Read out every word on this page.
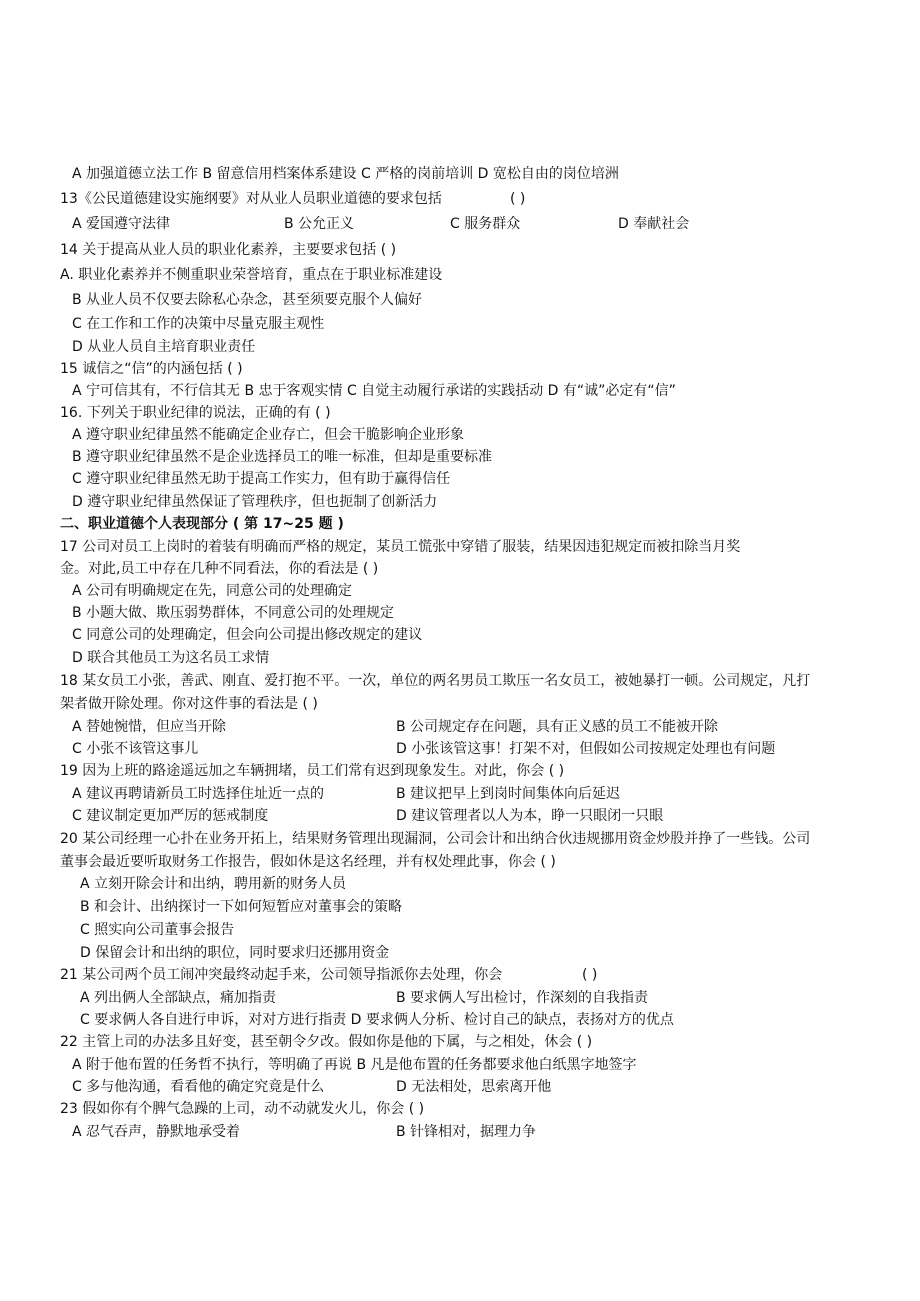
A 加强道德立法工作 B 留意信用档案体系建设 C 严格的岗前培训 D 宽松自由的岗位培洲
13《公民道德建设实施纲要》对从业人员职业道德的要求包括	( )
A 爱国遵守法律	B 公允正义	C 服务群众	D 奉献社会
14 关于提高从业人员的职业化素养，主要要求包括 ( )
A. 职业化素养并不侧重职业荣誉培育，重点在于职业标准建设
B 从业人员不仅要去除私心杂念，甚至须要克服个人偏好
C 在工作和工作的决策中尽量克服主观性
D 从业人员自主培育职业责任
15 诚信之“信”的内涵包括 ( )
A 宁可信其有，不行信其无 B 忠于客观实情 C 自觉主动履行承诺的实践括动 D 有“诚”必定有“信”
16. 下列关于职业纪律的说法，正确的有 ( )
A 遵守职业纪律虽然不能确定企业存亡，但会干脆影响企业形象
B 遵守职业纪律虽然不是企业选择员工的唯一标准，但却是重要标准
C 遵守职业纪律虽然无助于提高工作实力，但有助于赢得信任
D 遵守职业纪律虽然保证了管理秩序，但也扼制了创新活力
二、职业道德个人表现部分 ( 第 17~25 题 )
17 公司对员工上岗时的着装有明确而严格的规定，某员工慌张中穿错了服装，结果因违犯规定而被扣除当月奖
金。对此,员工中存在几种不同看法，你的看法是 ( )
A 公司有明确规定在先，同意公司的处理确定
B 小题大做、欺压弱势群体，不同意公司的处理规定
C 同意公司的处理确定，但会向公司提出修改规定的建议
D 联合其他员工为这名员工求情
18 某女员工小张，善武、刚直、爱打抱不平。一次，单位的两名男员工欺压一名女员工，被她暴打一顿。公司规定，凡打
架者做开除处理。你对这件事的看法是 ( )
A 替她惋惜，但应当开除	B 公司规定存在问题，具有正义感的员工不能被开除
C 小张不该管这事儿	D 小张该管这事！打架不对，但假如公司按规定处理也有问题
19 因为上班的路途遥远加之车辆拥堵，员工们常有迟到现象发生。对此，你会 ( )
A 建议再聘请新员工时选择住址近一点的	B 建议把早上到岗时间集体向后延迟
C 建议制定更加严厉的惩戒制度	D 建议管理者以人为本，睁一只眼闭一只眼
20 某公司经理一心扑在业务开拓上，结果财务管理出现漏洞，公司会计和出纳合伙违规挪用资金炒股并挣了一些钱。公司
董事会最近要听取财务工作报告，假如休是这名经理，并有权处理此事，你会 ( )
A 立刻开除会计和出纳，聘用新的财务人员
B 和会计、出纳探讨一下如何短暂应对董事会的策略
C 照实向公司董事会报告
D 保留会计和出纳的职位，同时要求归还挪用资金
21 某公司两个员工闹冲突最终动起手来，公司领导指派你去处理，你会	( )
A 列出俩人全部缺点，痛加指责	B 要求俩人写出检讨，作深刻的自我指责
C 要求俩人各自进行申诉，对对方进行指责 D 要求俩人分析、检讨自己的缺点，表扬对方的优点
22 主管上司的办法多且好变，甚至朝令夕改。假如你是他的下属，与之相处，休会 ( )
A 附于他布置的任务哲不执行，等明确了再说 B 凡是他布置的任务都要求他白纸黑字地签字
C 多与他沟通，看看他的确定究竟是什么	D 无法相处，思索离开他
23 假如你有个脾气急躁的上司，动不动就发火儿，你会 ( )
A 忍气吞声，静默地承受着	B 针锋相对，据理力争
